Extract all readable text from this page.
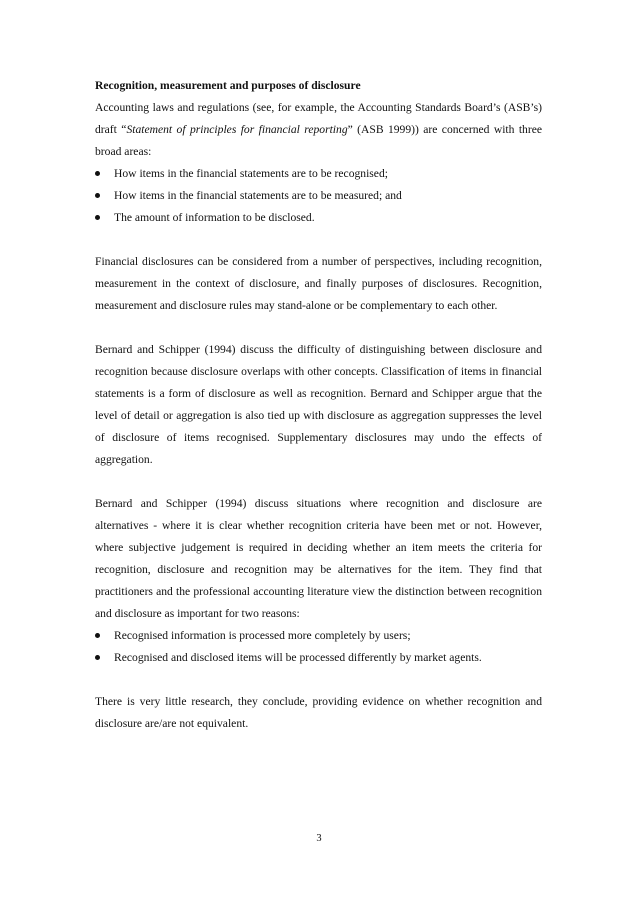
Recognition, measurement and purposes of disclosure

Accounting laws and regulations (see, for example, the Accounting Standards Board’s (ASB’s) draft “Statement of principles for financial reporting” (ASB 1999)) are concerned with three broad areas:

How items in the financial statements are to be recognised;
How items in the financial statements are to be measured; and
The amount of information to be disclosed.

Financial disclosures can be considered from a number of perspectives, including recognition, measurement in the context of disclosure, and finally purposes of disclosures. Recognition, measurement and disclosure rules may stand-alone or be complementary to each other.

Bernard and Schipper (1994) discuss the difficulty of distinguishing between disclosure and recognition because disclosure overlaps with other concepts. Classification of items in financial statements is a form of disclosure as well as recognition. Bernard and Schipper argue that the level of detail or aggregation is also tied up with disclosure as aggregation suppresses the level of disclosure of items recognised. Supplementary disclosures may undo the effects of aggregation.

Bernard and Schipper (1994) discuss situations where recognition and disclosure are alternatives - where it is clear whether recognition criteria have been met or not. However, where subjective judgement is required in deciding whether an item meets the criteria for recognition, disclosure and recognition may be alternatives for the item. They find that practitioners and the professional accounting literature view the distinction between recognition and disclosure as important for two reasons:

Recognised information is processed more completely by users;
Recognised and disclosed items will be processed differently by market agents.

There is very little research, they conclude, providing evidence on whether recognition and disclosure are/are not equivalent.

3
